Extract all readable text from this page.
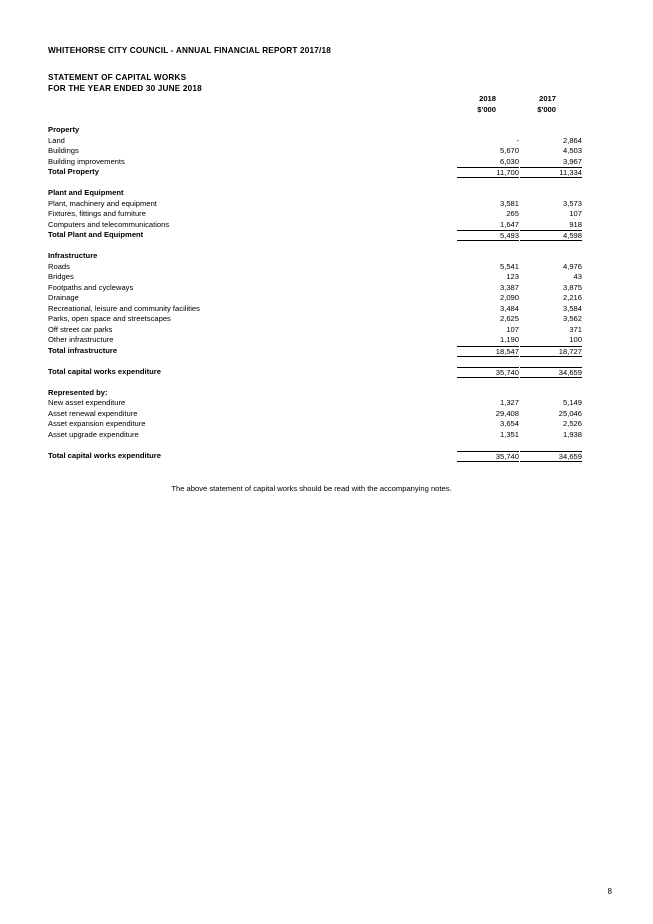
WHITEHORSE CITY COUNCIL - ANNUAL FINANCIAL REPORT 2017/18
STATEMENT OF CAPITAL WORKS
FOR THE YEAR ENDED 30 JUNE 2018
2018
$'000
2017
$'000
Property
Land	-	2,864
Buildings	5,670	4,503
Building improvements	6,030	3,967
Total Property	11,700	11,334
Plant and Equipment
Plant, machinery and equipment	3,581	3,573
Fixtures, fittings and furniture	265	107
Computers and telecommunications	1,647	918
Total Plant and Equipment	5,493	4,598
Infrastructure
Roads	5,541	4,976
Bridges	123	43
Footpaths and cycleways	3,387	3,875
Drainage	2,090	2,216
Recreational, leisure and community facilities	3,484	3,584
Parks, open space and streetscapes	2,625	3,562
Off street car parks	107	371
Other infrastructure	1,190	100
Total infrastructure	18,547	18,727
Total capital works expenditure	35,740	34,659
Represented by:
New asset expenditure	1,327	5,149
Asset renewal expenditure	29,408	25,046
Asset expansion expenditure	3,654	2,526
Asset upgrade expenditure	1,351	1,938
Total capital works expenditure	35,740	34,659
The above statement of capital works should be read with the accompanying notes.
8
